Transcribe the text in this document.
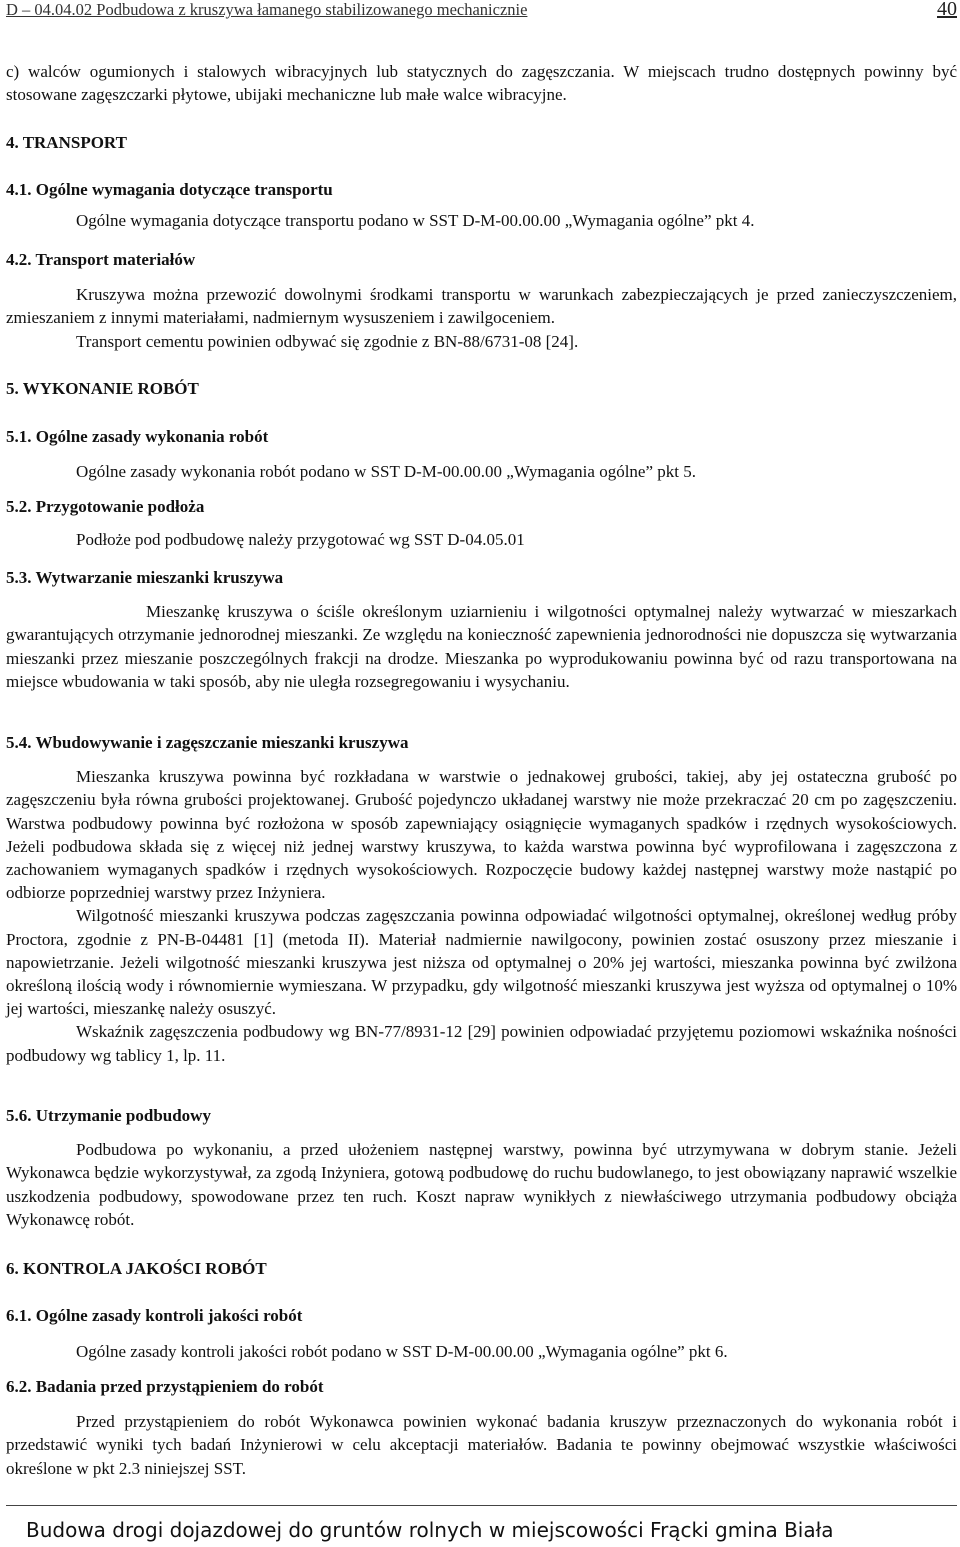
D – 04.04.02 Podbudowa z kruszywa łamanego stabilizowanego mechanicznie	40

c) walców ogumionych i stalowych wibracyjnych lub statycznych do zagęszczania. W miejscach trudno dostępnych powinny być stosowane zagęszczarki płytowe, ubijaki mechaniczne lub małe walce wibracyjne.

4. TRANSPORT

4.1. Ogólne wymagania dotyczące transportu

Ogólne wymagania dotyczące transportu podano w SST D-M-00.00.00 „Wymagania ogólne” pkt 4.

4.2. Transport materiałów

Kruszywa można przewozić dowolnymi środkami transportu w warunkach zabezpieczających je przed zanieczyszczeniem, zmieszaniem z innymi materiałami, nadmiernym wysuszeniem i zawilgoceniem.

Transport cementu powinien odbywać się zgodnie z BN-88/6731-08 [24].

5. WYKONANIE ROBÓT

5.1. Ogólne zasady wykonania robót

Ogólne zasady wykonania robót podano w SST D-M-00.00.00 „Wymagania ogólne” pkt 5.

5.2. Przygotowanie podłoża

Podłoże pod podbudowę należy przygotować wg SST D-04.05.01

5.3. Wytwarzanie mieszanki kruszywa

Mieszankę kruszywa o ściśle określonym uziarnieniu i wilgotności optymalnej należy wytwarzać w mieszarkach gwarantujących otrzymanie jednorodnej mieszanki. Ze względu na konieczność zapewnienia jednorodności nie dopuszcza się wytwarzania mieszanki przez mieszanie poszczególnych frakcji na drodze. Mieszanka po wyprodukowaniu powinna być od razu transportowana na miejsce wbudowania w taki sposób, aby nie uległa rozsegregowaniu i wysychaniu.

5.4. Wbudowywanie i zagęszczanie mieszanki kruszywa

Mieszanka kruszywa powinna być rozkładana w warstwie o jednakowej grubości, takiej, aby jej ostateczna grubość po zagęszczeniu była równa grubości projektowanej. Grubość pojedynczo układanej warstwy nie może przekraczać 20 cm po zagęszczeniu. Warstwa podbudowy powinna być rozłożona w sposób zapewniający osiągnięcie wymaganych spadków i rzędnych wysokościowych. Jeżeli podbudowa składa się z więcej niż jednej warstwy kruszywa, to każda warstwa powinna być wyprofilowana i zagęszczona z zachowaniem wymaganych spadków i rzędnych wysokościowych. Rozpoczęcie budowy każdej następnej warstwy może nastąpić po odbiorze poprzedniej warstwy przez Inżyniera.

Wilgotność mieszanki kruszywa podczas zagęszczania powinna odpowiadać wilgotności optymalnej, określonej według próby Proctora, zgodnie z PN-B-04481 [1] (metoda II). Materiał nadmiernie nawilgocony, powinien zostać osuszony przez mieszanie i napowietrzanie. Jeżeli wilgotność mieszanki kruszywa jest niższa od optymalnej o 20% jej wartości, mieszanka powinna być zwilżona określoną ilością wody i równomiernie wymieszana. W przypadku, gdy wilgotność mieszanki kruszywa jest wyższa od optymalnej o 10% jej wartości, mieszankę należy osuszyć.

Wskaźnik zagęszczenia podbudowy wg BN-77/8931-12 [29] powinien odpowiadać przyjętemu poziomowi wskaźnika nośności podbudowy wg tablicy 1, lp. 11.

5.6. Utrzymanie podbudowy

Podbudowa po wykonaniu, a przed ułożeniem następnej warstwy, powinna być utrzymywana w dobrym stanie. Jeżeli Wykonawca będzie wykorzystywał, za zgodą Inżyniera, gotową podbudowę do ruchu budowlanego, to jest obowiązany naprawić wszelkie uszkodzenia podbudowy, spowodowane przez ten ruch. Koszt napraw wynikłych z niewłaściwego utrzymania podbudowy obciąża Wykonawcę robót.

6. KONTROLA JAKOŚCI ROBÓT

6.1. Ogólne zasady kontroli jakości robót

Ogólne zasady kontroli jakości robót podano w SST D-M-00.00.00 „Wymagania ogólne” pkt 6.

6.2. Badania przed przystąpieniem do robót

Przed przystąpieniem do robót Wykonawca powinien wykonać badania kruszyw przeznaczonych do wykonania robót i przedstawić wyniki tych badań Inżynierowi w celu akceptacji materiałów. Badania te powinny obejmować wszystkie właściwości określone w pkt 2.3 niniejszej SST.

Budowa drogi dojazdowej do gruntów rolnych w miejscowości Frącki gmina Biała
